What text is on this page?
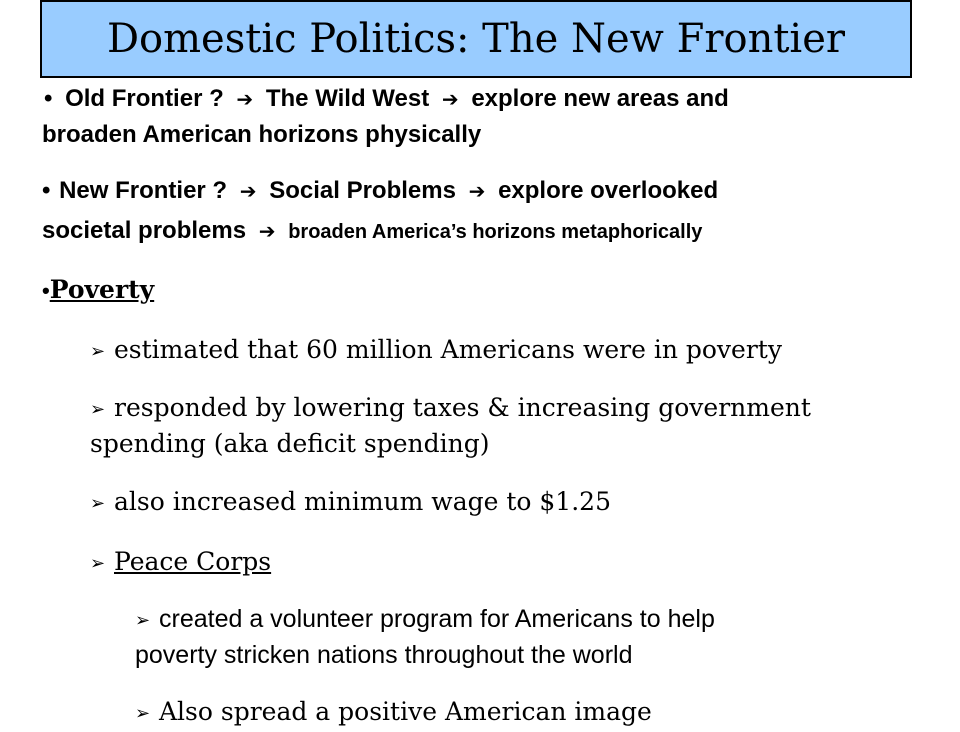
Domestic Politics: The New Frontier
• Old Frontier ? ➔ The Wild West ➔ explore new areas and
broaden American horizons physically
• New Frontier ? ➔ Social Problems ➔ explore overlooked
societal problems ➔ broaden America’s horizons metaphorically
•Poverty
➢ estimated that 60 million Americans were in poverty
➢ responded by lowering taxes & increasing government
spending (aka deficit spending)
➢ also increased minimum wage to $1.25
➢ Peace Corps
➢ created a volunteer program for Americans to help
poverty stricken nations throughout the world
➢ Also spread a positive American image
